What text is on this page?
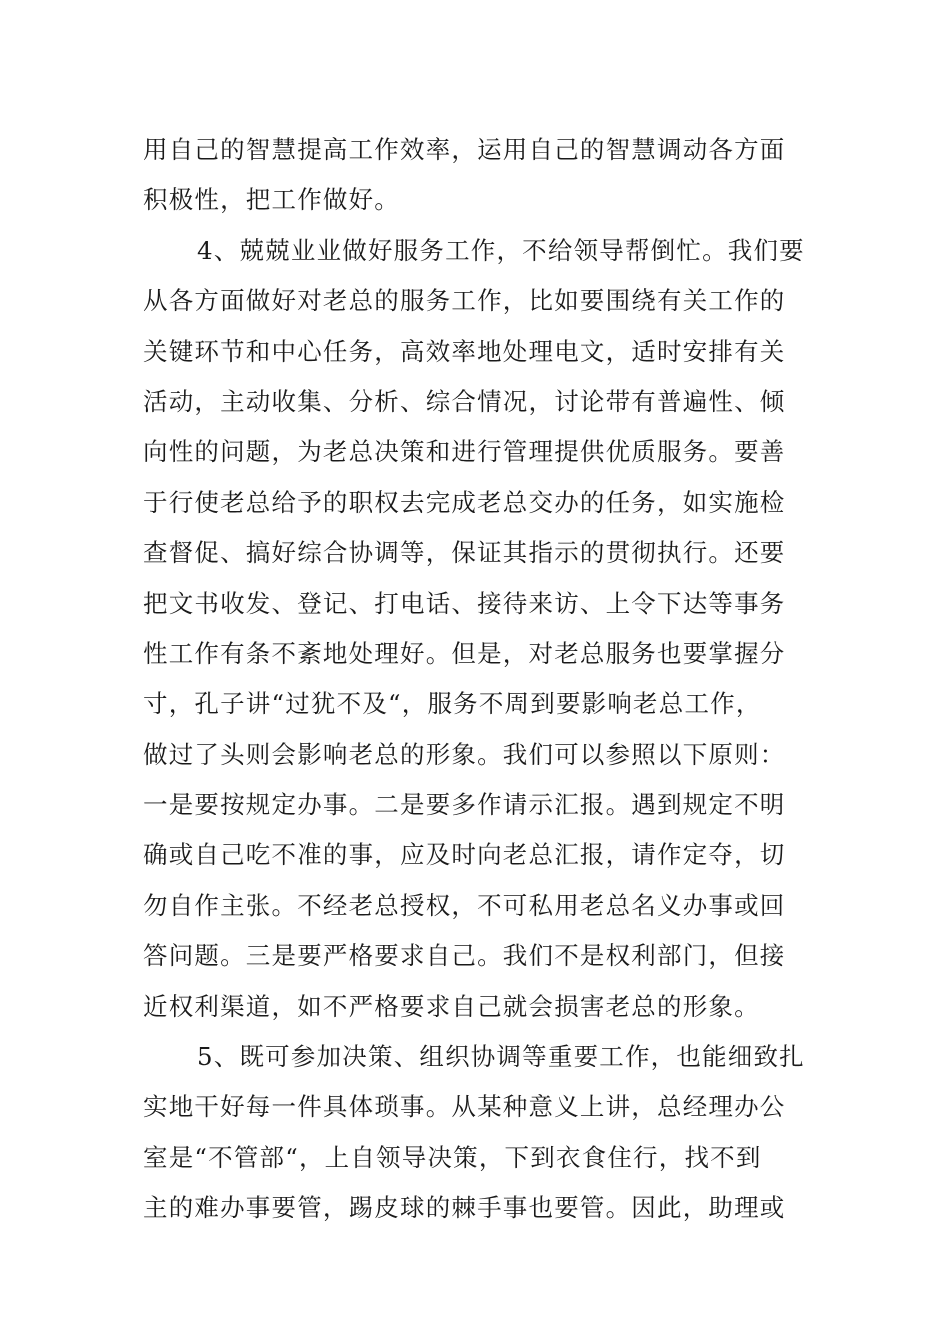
用自己的智慧提高工作效率，运用自己的智慧调动各方面
积极性，把工作做好。
4、兢兢业业做好服务工作，不给领导帮倒忙。我们要
从各方面做好对老总的服务工作，比如要围绕有关工作的
关键环节和中心任务，高效率地处理电文，适时安排有关
活动，主动收集、分析、综合情况，讨论带有普遍性、倾
向性的问题，为老总决策和进行管理提供优质服务。要善
于行使老总给予的职权去完成老总交办的任务，如实施检
查督促、搞好综合协调等，保证其指示的贯彻执行。还要
把文书收发、登记、打电话、接待来访、上令下达等事务
性工作有条不紊地处理好。但是，对老总服务也要掌握分
寸，孔子讲“过犹不及“，服务不周到要影响老总工作，
做过了头则会影响老总的形象。我们可以参照以下原则：
一是要按规定办事。二是要多作请示汇报。遇到规定不明
确或自己吃不准的事，应及时向老总汇报，请作定夺，切
勿自作主张。不经老总授权，不可私用老总名义办事或回
答问题。三是要严格要求自己。我们不是权利部门，但接
近权利渠道，如不严格要求自己就会损害老总的形象。
5、既可参加决策、组织协调等重要工作，也能细致扎
实地干好每一件具体琐事。从某种意义上讲，总经理办公
室是“不管部“，上自领导决策，下到衣食住行，找不到
主的难办事要管，踢皮球的棘手事也要管。因此，助理或
